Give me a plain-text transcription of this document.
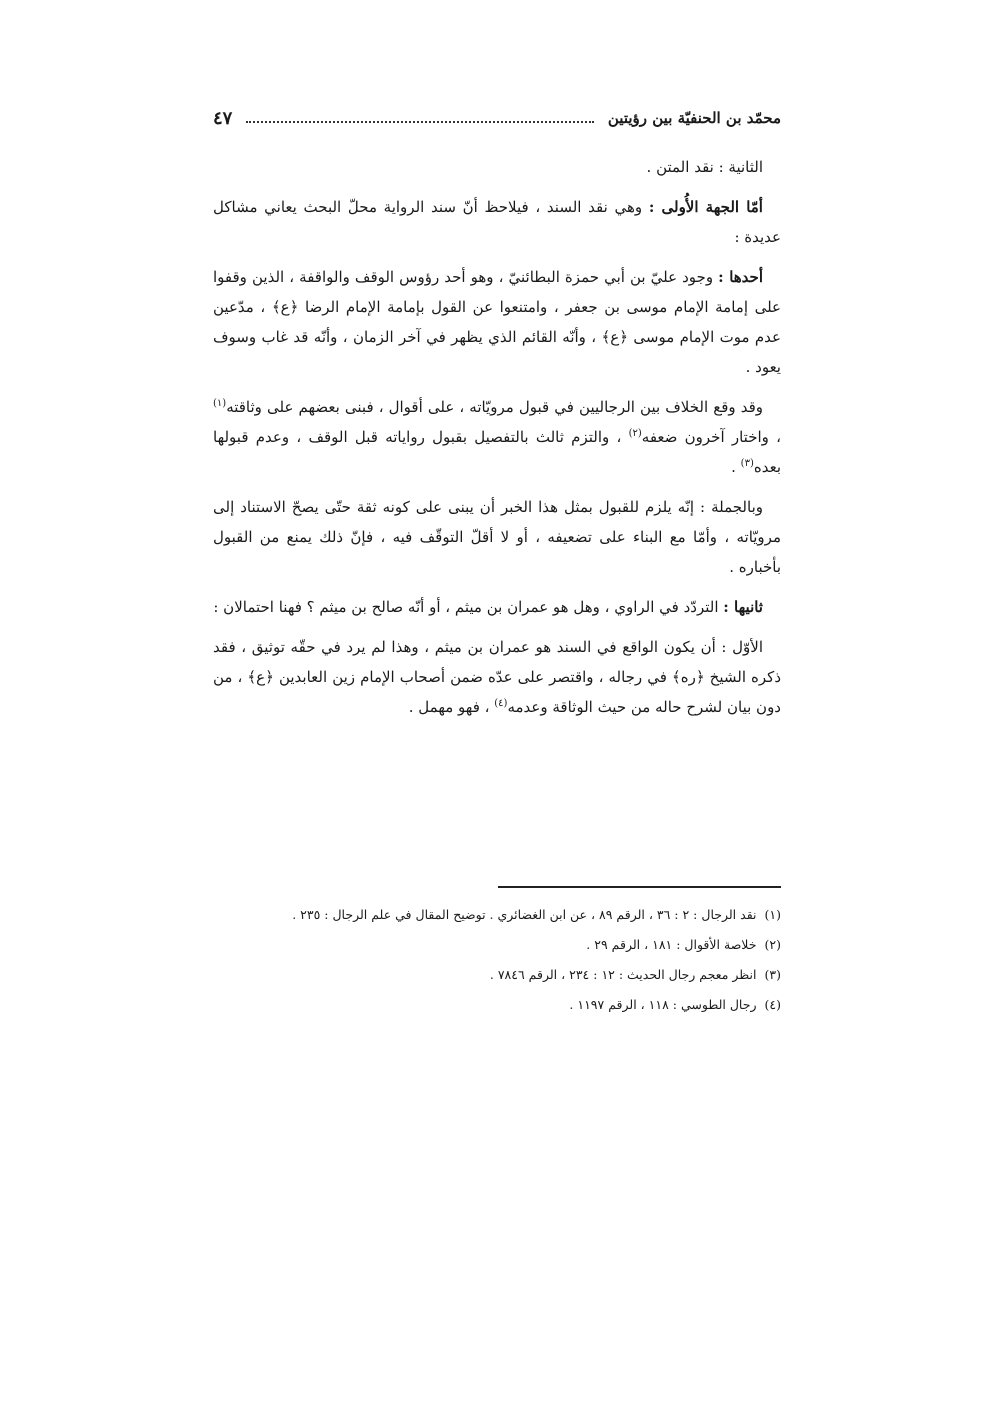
محمّد بن الحنفيّة بين رؤيتين
٤٧

الثانية : نقد المتن .

أمّا الجهة الأُولى : وهي نقد السند ، فيلاحظ أنّ سند الرواية محلّ البحث يعاني مشاكل عديدة :

أحدها : وجود عليّ بن أبي حمزة البطائنيّ ، وهو أحد رؤوس الوقف والواقفة ، الذين وقفوا على إمامة الإمام موسى بن جعفر ، وامتنعوا عن القول بإمامة الإمام الرضا ﴿ع﴾ ، مدّعين عدم موت الإمام موسى ﴿ع﴾ ، وأنّه القائم الذي يظهر في آخر الزمان ، وأنّه قد غاب وسوف يعود .

وقد وقع الخلاف بين الرجاليين في قبول مرويّاته ، على أقوال ، فبنى بعضهم على وثاقته$^{(١)}$ ، واختار آخرون ضعفه$^{(٢)}$ ، والتزم ثالث بالتفصيل بقبول رواياته قبل الوقف ، وعدم قبولها بعده$^{(٣)}$ .

وبالجملة : إنّه يلزم للقبول بمثل هذا الخبر أن يبنى على كونه ثقة حتّى يصحّ الاستناد إلى مرويّاته ، وأمّا مع البناء على تضعيفه ، أو لا أقلّ التوقّف فيه ، فإنّ ذلك يمنع من القبول بأخباره .

ثانيها : التردّد في الراوي ، وهل هو عمران بن ميثم ، أو أنّه صالح بن ميثم ؟ فهنا احتمالان :

الأوّل : أن يكون الواقع في السند هو عمران بن ميثم ، وهذا لم يرد في حقّه توثيق ، فقد ذكره الشيخ ﴿ره﴾ في رجاله ، واقتصر على عدّه ضمن أصحاب الإمام زين العابدين ﴿ع﴾ ، من دون بيان لشرح حاله من حيث الوثاقة وعدمه$^{(٤)}$ ، فهو مهمل .

(١)نقد الرجال : ٢ : ٣٦ ، الرقم ٨٩ ، عن ابن الغضائري . توضيح المقال في علم الرجال : ٢٣٥ .
(٢)خلاصة الأقوال : ١٨١ ، الرقم ٢٩ .
(٣)انظر معجم رجال الحديث : ١٢ : ٢٣٤ ، الرقم ٧٨٤٦ .
(٤)رجال الطوسي : ١١٨ ، الرقم ١١٩٧ .
